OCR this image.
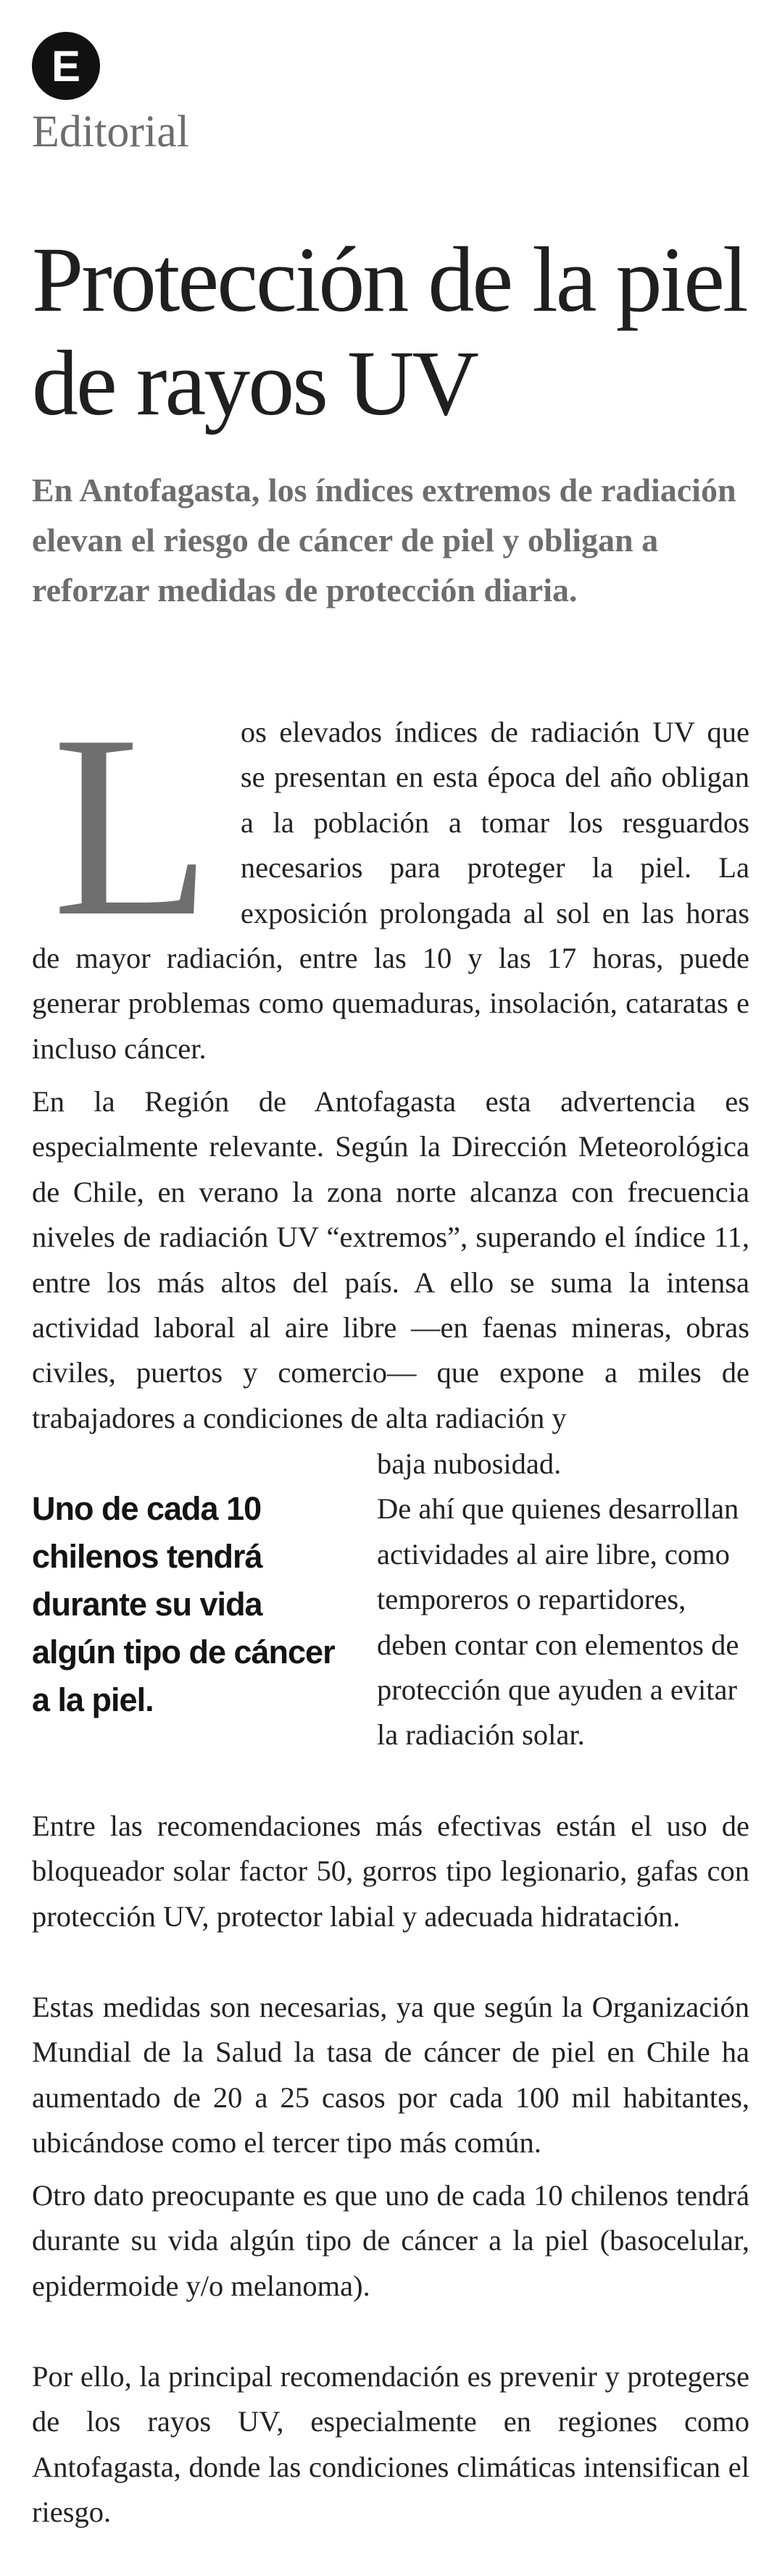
E
Editorial
Protección de la piel de rayos UV

En Antofagasta, los índices extremos de radiación elevan el riesgo de cáncer de piel y obligan a reforzar medidas de protección diaria.

Los elevados índices de radiación UV que se presentan en esta época del año obligan a la población a tomar los resguardos necesarios para proteger la piel. La exposición prolongada al sol en las horas de mayor radiación, entre las 10 y las 17 horas, puede generar problemas como quemaduras, insolación, cataratas e incluso cáncer.

En la Región de Antofagasta esta advertencia es especialmente relevante. Según la Dirección Meteorológica de Chile, en verano la zona norte alcanza con frecuencia niveles de radiación UV “extremos”, superando el índice 11, entre los más altos del país. A ello se suma la intensa actividad laboral al aire libre —en faenas mineras, obras civiles, puertos y comercio— que expone a miles de trabajadores a condiciones de alta radiación y

Uno de cada 10 chilenos tendrá durante su vida algún tipo de cáncer a la piel.

baja nubosidad.
De ahí que quienes desarrollan actividades al aire libre, como temporeros o repartidores, deben contar con elementos de protección que ayuden a evitar la radiación solar.

Entre las recomendaciones más efectivas están el uso de bloqueador solar factor 50, gorros tipo legionario, gafas con protección UV, protector labial y adecuada hidratación.

Estas medidas son necesarias, ya que según la Organización Mundial de la Salud la tasa de cáncer de piel en Chile ha aumentado de 20 a 25 casos por cada 100 mil habitantes, ubicándose como el tercer tipo más común.

Otro dato preocupante es que uno de cada 10 chilenos tendrá durante su vida algún tipo de cáncer a la piel (basocelular, epidermoide y/o melanoma).

Por ello, la principal recomendación es prevenir y protegerse de los rayos UV, especialmente en regiones como Antofagasta, donde las condiciones climáticas intensifican el riesgo.
